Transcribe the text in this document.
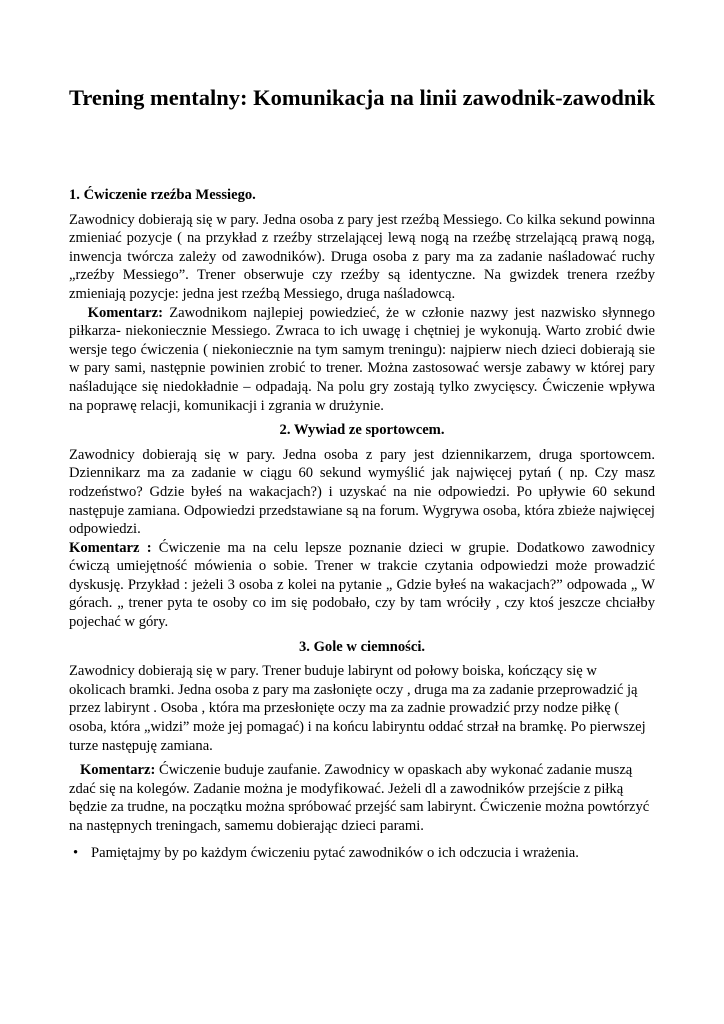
Trening mentalny: Komunikacja na linii zawodnik-zawodnik

1. Ćwiczenie rzeźba Messiego.

Zawodnicy dobierają się w pary. Jedna osoba z pary jest rzeźbą Messiego. Co kilka sekund powinna zmieniać pozycje ( na przykład z rzeźby strzelającej lewą nogą na rzeźbę strzelającą prawą nogą, inwencja twórcza zależy od zawodników). Druga osoba z pary ma za zadanie naśladować ruchy „rzeźby Messiego”. Trener obserwuje czy rzeźby są identyczne. Na gwizdek trenera rzeźby zmieniają pozycje: jedna jest rzeźbą Messiego, druga naśladowcą.
Komentarz: Zawodnikom najlepiej powiedzieć, że w członie nazwy jest nazwisko słynnego piłkarza- niekoniecznie Messiego. Zwraca to ich uwagę i chętniej je wykonują. Warto zrobić dwie wersje tego ćwiczenia ( niekoniecznie na tym samym treningu): najpierw niech dzieci dobierają sie w pary sami, następnie powinien zrobić to trener. Można zastosować wersje zabawy w której pary naśladujące się niedokładnie – odpadają. Na polu gry zostają tylko zwycięscy. Ćwiczenie wpływa na poprawę relacji, komunikacji i zgrania w drużynie.

2. Wywiad ze sportowcem.

Zawodnicy dobierają się w pary. Jedna osoba z pary jest dziennikarzem, druga sportowcem. Dziennikarz ma za zadanie w ciągu 60 sekund wymyślić jak najwięcej pytań ( np. Czy masz rodzeństwo? Gdzie byłeś na wakacjach?) i uzyskać na nie odpowiedzi. Po upływie 60 sekund następuje zamiana. Odpowiedzi przedstawiane są na forum. Wygrywa osoba, która zbieże najwięcej odpowiedzi.
Komentarz : Ćwiczenie ma na celu lepsze poznanie dzieci w grupie. Dodatkowo zawodnicy ćwiczą umiejętność mówienia o sobie. Trener w trakcie czytania odpowiedzi może prowadzić dyskusję. Przykład : jeżeli 3 osoba z kolei na pytanie „ Gdzie byłeś na wakacjach?” odpowada „ W górach. „ trener pyta te osoby co im się podobało, czy by tam wróciły , czy ktoś jeszcze chciałby pojechać w góry.

3. Gole w ciemności.

Zawodnicy dobierają się w pary. Trener buduje labirynt od połowy boiska, kończący się w okolicach bramki. Jedna osoba z pary ma zasłonięte oczy , druga ma za zadanie przeprowadzić ją przez labirynt . Osoba , która ma przesłonięte oczy ma za zadnie prowadzić przy nodze piłkę ( osoba, która „widzi” może jej pomagać) i na końcu labiryntu oddać strzał na bramkę. Po pierwszej turze następuję zamiana.

Komentarz: Ćwiczenie buduje zaufanie. Zawodnicy w opaskach aby wykonać zadanie muszą zdać się na kolegów. Zadanie można je modyfikować. Jeżeli dl a zawodników przejście z piłką będzie za trudne, na początku można spróbować przejść sam labirynt. Ćwiczenie można powtórzyć na następnych treningach, samemu dobierając dzieci parami.

• Pamiętajmy by po każdym ćwiczeniu pytać zawodników o ich odczucia i wrażenia.
